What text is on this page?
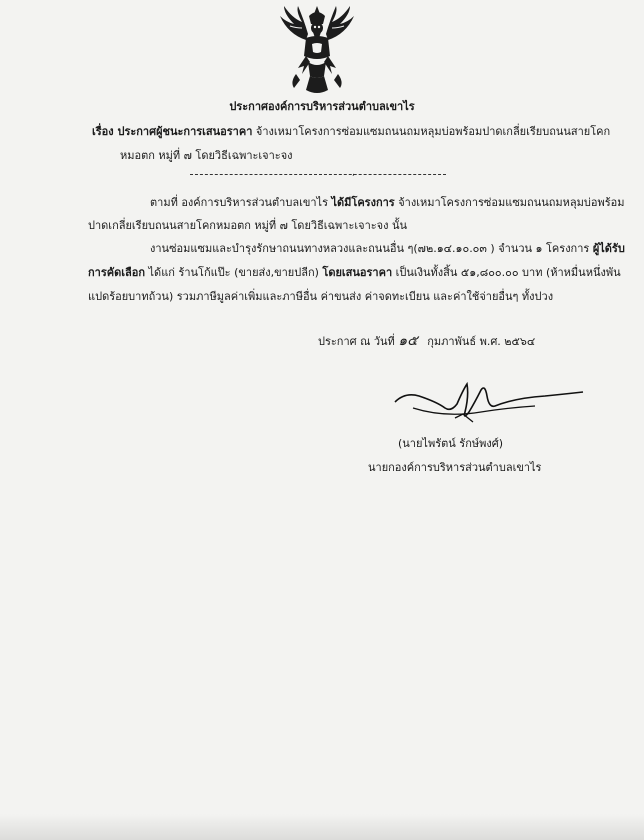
ประกาศองค์การบริหารส่วนตำบลเขาไร
เรื่อง ประกาศผู้ชนะการเสนอราคา จ้างเหมาโครงการซ่อมแซมถนนถมหลุมบ่อพร้อมปาดเกลี่ยเรียบถนนสายโคก
หมอตก หมู่ที่ ๗ โดยวิธีเฉพาะเจาะจง
,
ตามที่ องค์การบริหารส่วนตำบลเขาไร ได้มีโครงการ จ้างเหมาโครงการซ่อมแซมถนนถมหลุมบ่อพร้อม
ปาดเกลี่ยเรียบถนนสายโคกหมอตก หมู่ที่ ๗ โดยวิธีเฉพาะเจาะจง นั้น
งานซ่อมแซมและบำรุงรักษาถนนทางหลวงและถนนอื่น ๆ(๗๒.๑๔.๑๐.๐๓ ) จำนวน ๑ โครงการ ผู้ได้รับ
การคัดเลือก ได้แก่ ร้านโก้แป๊ะ (ขายส่ง,ขายปลีก) โดยเสนอราคา เป็นเงินทั้งสิ้น ๕๑,๘๐๐.๐๐ บาท (ห้าหมื่นหนึ่งพัน
แปดร้อยบาทถ้วน) รวมภาษีมูลค่าเพิ่มและภาษีอื่น ค่าขนส่ง ค่าจดทะเบียน และค่าใช้จ่ายอื่นๆ ทั้งปวง
ประกาศ ณ วันที่ ๑๕ กุมภาพันธ์ พ.ศ. ๒๕๖๔
(นายไพรัตน์ รักษ์พงศ์)
นายกองค์การบริหารส่วนตำบลเขาไร
